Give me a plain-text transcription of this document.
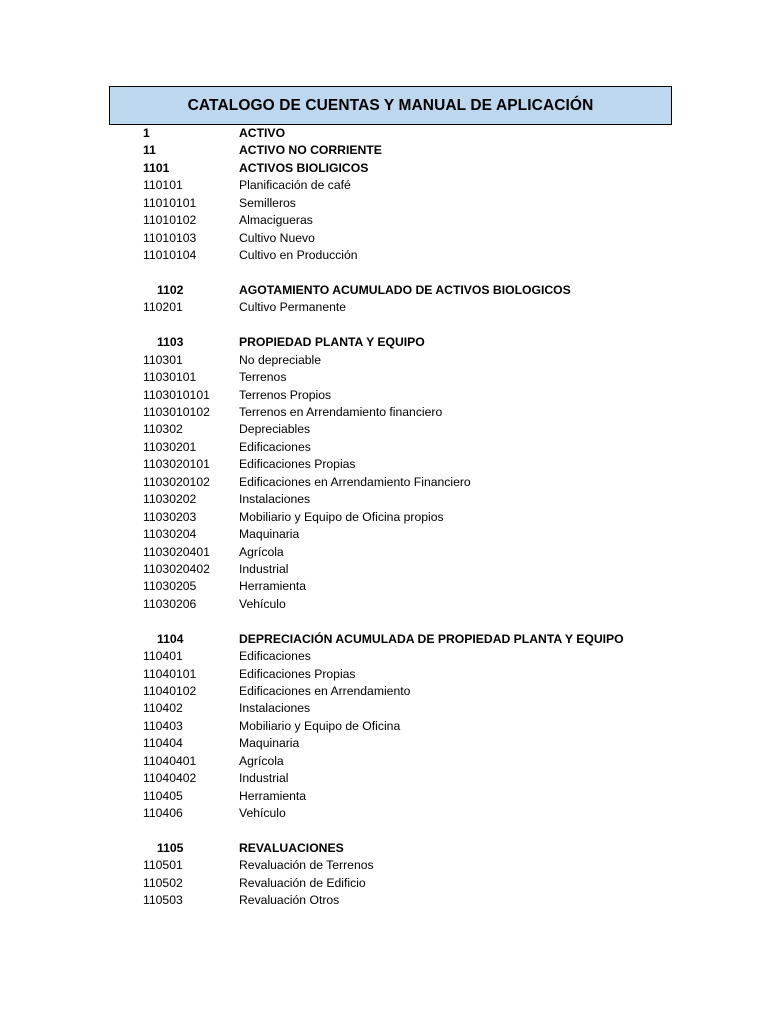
CATALOGO DE CUENTAS Y MANUAL DE APLICACIÓN
1	ACTIVO
11	ACTIVO NO CORRIENTE
1101	ACTIVOS BIOLIGICOS
110101	Planificación de café
11010101	Semilleros
11010102	Almacigueras
11010103	Cultivo Nuevo
11010104	Cultivo en Producción
1102	AGOTAMIENTO ACUMULADO DE ACTIVOS BIOLOGICOS
110201	Cultivo Permanente
1103	PROPIEDAD PLANTA Y EQUIPO
110301	No depreciable
11030101	Terrenos
1103010101 Terrenos Propios
1103010102 Terrenos en Arrendamiento financiero
110302	Depreciables
11030201	Edificaciones
1103020101 Edificaciones Propias
1103020102 Edificaciones en Arrendamiento Financiero
11030202	Instalaciones
11030203	Mobiliario y Equipo de Oficina propios
11030204	Maquinaria
1103020401 Agrícola
1103020402 Industrial
11030205	Herramienta
11030206	Vehículo
1104	DEPRECIACIÓN ACUMULADA DE PROPIEDAD PLANTA Y EQUIPO
110401	Edificaciones
11040101	Edificaciones Propias
11040102	Edificaciones en Arrendamiento
110402	Instalaciones
110403	Mobiliario y Equipo de Oficina
110404	Maquinaria
11040401	Agrícola
11040402	Industrial
110405	Herramienta
110406	Vehículo
1105	REVALUACIONES
110501	Revaluación de Terrenos
110502	Revaluación de Edificio
110503	Revaluación Otros
